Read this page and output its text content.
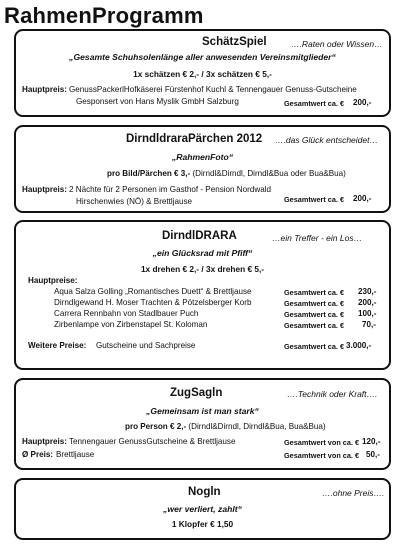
RahmenProgramm
SchätzSpiel	….Raten oder Wissen…
„Gesamte Schuhsolenlänge aller anwesenden Vereinsmitglieder“
1x schätzen € 2,- / 3x schätzen € 5,-
Hauptpreis: GenussPackerlHofkäserei Fürstenhof Kuchl & Tennengauer Genuss-Gutscheine
Gesponsert von Hans Myslik GmbH Salzburg	Gesamtwert ca. € 200,-
DirndldraraPärchen 2012 ….das Glück entscheidet…
„RahmenFoto“
pro Bild/Pärchen € 3,- (Dirndl&Dirndl, Dirndl&Bua oder Bua&Bua)
Hauptpreis: 2 Nächte für 2 Personen im Gasthof - Pension Nordwald
Hirschenwies (NÖ) & Brettljause	Gesamtwert ca. € 200,-
DirndlDRARA	…ein Treffer - ein Los…
„ein Glücksrad mit Pfiff“
1x drehen € 2,- / 3x drehen € 5,-
Hauptpreise:
Aqua Salza Golling „Romantisches Duett“ & Brettljause	Gesamtwert ca. € 230,-
Dirndlgewand H. Moser Trachten & Pötzelsberger Korb	Gesamtwert ca. € 200,-
Carrera Rennbahn von Stadlbauer Puch	Gesamtwert ca. € 100,-
Zirbenlampe von Zirbenstapel St. Koloman	Gesamtwert ca. € 70,-
Weitere Preise: Gutscheine und Sachpreise	Gesamtwert ca. € 3.000,-
ZugSagln	….Technik oder Kraft….
„Gemeinsam ist man stark“
pro Person € 2,- (Dirndl&Dirndl, Dirndl&Bua, Bua&Bua)
Hauptpreis: Tennengauer GenussGutscheine & Brettljause	Gesamtwert von ca. € 120,-
Ø Preis: Brettljause	Gesamtwert von ca. € 50,-
Nogln	….ohne Preis….
„wer verliert, zahlt“
1 Klopfer € 1,50
